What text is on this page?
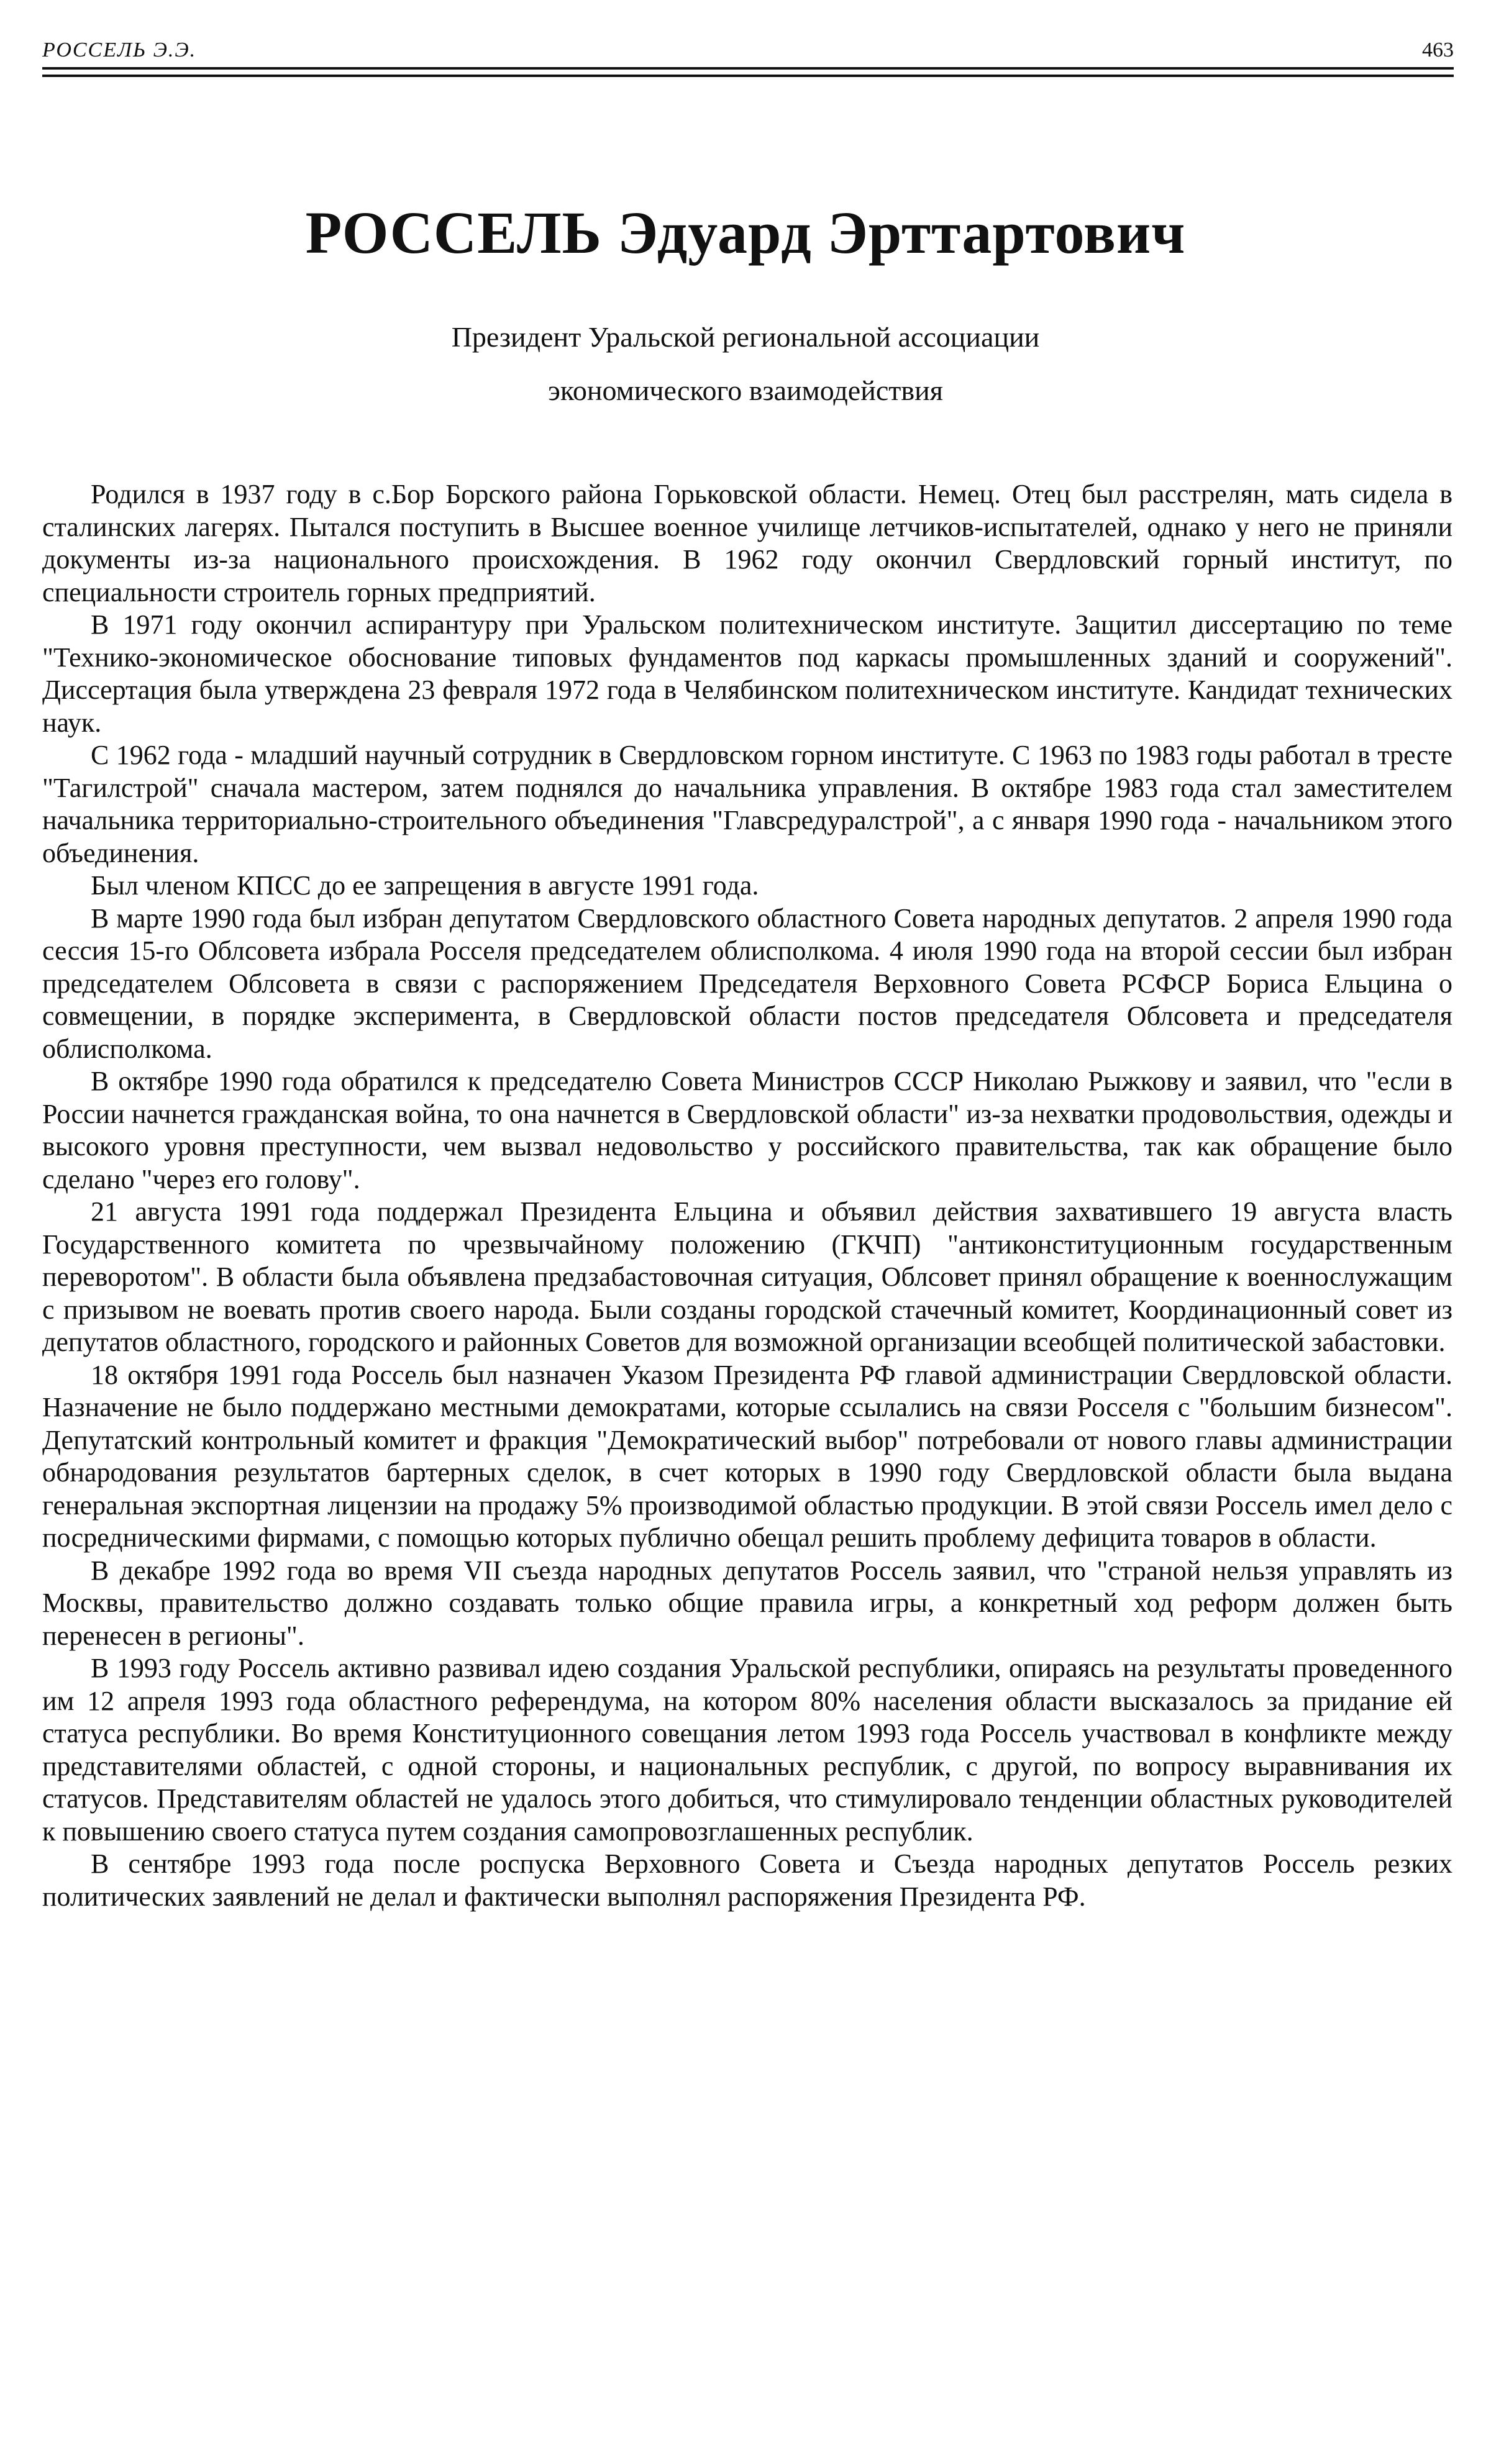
РОССЕЛЬ Э.Э.	463
РОССЕЛЬ Эдуард Эрттартович
Президент Уральской региональной ассоциации
экономического взаимодействия

Родился в 1937 году в с.Бор Борского района Горьковской области. Немец. Отец был расстрелян, мать сидела в сталинских лагерях. Пытался поступить в Высшее военное училище летчиков-испытателей, однако у него не приняли документы из-за национального происхождения. В 1962 году окончил Свердловский горный институт, по специальности строитель горных предприятий.

В 1971 году окончил аспирантуру при Уральском политехническом институте. Защитил диссертацию по теме "Технико-экономическое обоснование типовых фундаментов под каркасы промышленных зданий и сооружений". Диссертация была утверждена 23 февраля 1972 года в Челябинском политехническом институте. Кандидат технических наук.

С 1962 года - младший научный сотрудник в Свердловском горном институте. С 1963 по 1983 годы работал в тресте "Тагилстрой" сначала мастером, затем поднялся до начальника управления. В октябре 1983 года стал заместителем начальника территориально-строительного объединения "Главсредуралстрой", а с января 1990 года - начальником этого объединения.

Был членом КПСС до ее запрещения в августе 1991 года.

В марте 1990 года был избран депутатом Свердловского областного Совета народных депутатов. 2 апреля 1990 года сессия 15-го Облсовета избрала Росселя председателем облисполкома. 4 июля 1990 года на второй сессии был избран председателем Облсовета в связи с распоряжением Председателя Верховного Совета РСФСР Бориса Ельцина о совмещении, в порядке эксперимента, в Свердловской области постов председателя Облсовета и председателя облисполкома.

В октябре 1990 года обратился к председателю Совета Министров СССР Николаю Рыжкову и заявил, что "если в России начнется гражданская война, то она начнется в Свердловской области" из-за нехватки продовольствия, одежды и высокого уровня преступности, чем вызвал недовольство у российского правительства, так как обращение было сделано "через его голову".

21 августа 1991 года поддержал Президента Ельцина и объявил действия захватившего 19 августа власть Государственного комитета по чрезвычайному положению (ГКЧП) "антиконституционным государственным переворотом". В области была объявлена предзабастовочная ситуация, Облсовет принял обращение к военнослужащим с призывом не воевать против своего народа. Были созданы городской стачечный комитет, Координационный совет из депутатов областного, городского и районных Советов для возможной организации всеобщей политической забастовки.

18 октября 1991 года Россель был назначен Указом Президента РФ главой администрации Свердловской области. Назначение не было поддержано местными демократами, которые ссылались на связи Росселя с "большим бизнесом". Депутатский контрольный комитет и фракция "Демократический выбор" потребовали от нового главы администрации обнародования результатов бартерных сделок, в счет которых в 1990 году Свердловской области была выдана генеральная экспортная лицензии на продажу 5% производимой областью продукции. В этой связи Россель имел дело с посредническими фирмами, с помощью которых публично обещал решить проблему дефицита товаров в области.

В декабре 1992 года во время VII съезда народных депутатов Россель заявил, что "страной нельзя управлять из Москвы, правительство должно создавать только общие правила игры, а конкретный ход реформ должен быть перенесен в регионы".

В 1993 году Россель активно развивал идею создания Уральской республики, опираясь на результаты проведенного им 12 апреля 1993 года областного референдума, на котором 80% населения области высказалось за придание ей статуса республики. Во время Конституционного совещания летом 1993 года Россель участвовал в конфликте между представителями областей, с одной стороны, и национальных республик, с другой, по вопросу выравнивания их статусов. Представителям областей не удалось этого добиться, что стимулировало тенденции областных руководителей к повышению своего статуса путем создания самопровозглашенных республик.

В сентябре 1993 года после роспуска Верховного Совета и Съезда народных депутатов Россель резких политических заявлений не делал и фактически выполнял распоряжения Президента РФ.
